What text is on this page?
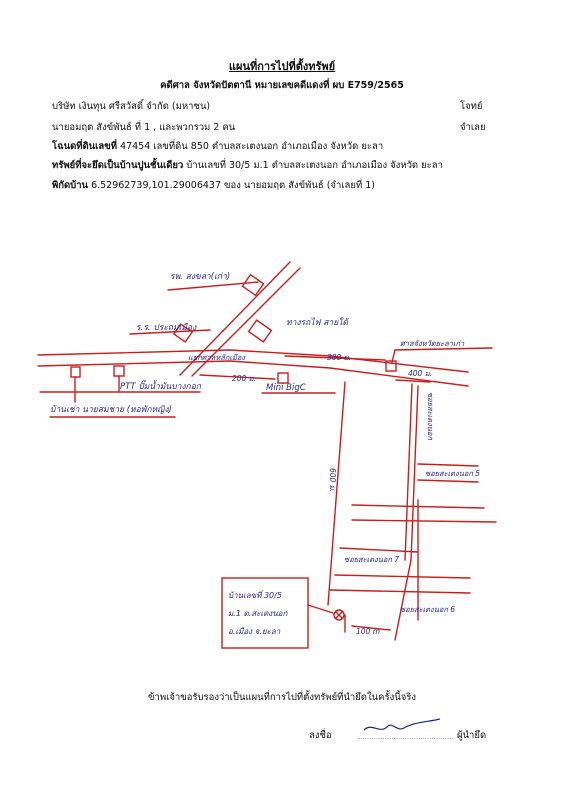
แผนที่การไปที่ตั้งทรัพย์
คดีศาล จังหวัดปัตตานี หมายเลขคดีแดงที่ ผบ E759/2565
บริษัท เงินทุน ศรีสวัสดิ์ จำกัด (มหาชน)	โจทย์
นายอมฤต สังข์พันธ์ ที่ 1 , และพวกรวม 2 คน	จำเลย
โฉนดที่ดินเลขที่ 47454 เลขที่ดิน 850 ตำบลสะเตงนอก อำเภอเมือง จังหวัด ยะลา
ทรัพย์ที่จะยึดเป็นบ้านปูนชั้นเดียว บ้านเลขที่ 30/5 ม.1 ตำบลสะเตงนอก อำเภอเมือง จังหวัด ยะลา
พิกัดบ้าน 6.52962739,101.29006437 ของ นายอมฤต สังข์พันธ์ (จำเลยที่ 1)
รพ. สงขลา(เก่า)
ทางรถไฟ สายใต้
ร.ร. ประถมเมือง
ศาลจังหวัดยะลาเก่า
แยกศาลหลักเมือง	300 ม.
200 ม.
400 ม.
PTT ปั๊มน้ำมันบางกอก	Mini BigC
บ้านเช่า นายสมชาย (หอพักหญิง)	ซอยสะเตงนอก
ซอยสะเตงนอก 5
600 ม.
ซอยสะเตงนอก 7
ซอยสะเตงนอก 6
100 m
บ้านเลขที่ 30/5
ม.1 ต.สะเตงนอก
อ.เมือง จ.ยะลา
ข้าพเจ้าขอรับรองว่าเป็นแผนที่การไปที่ตั้งทรัพย์ที่นำยึดในครั้งนี้จริง
ลงชื่อ	.......................................... ผู้นำยึด
